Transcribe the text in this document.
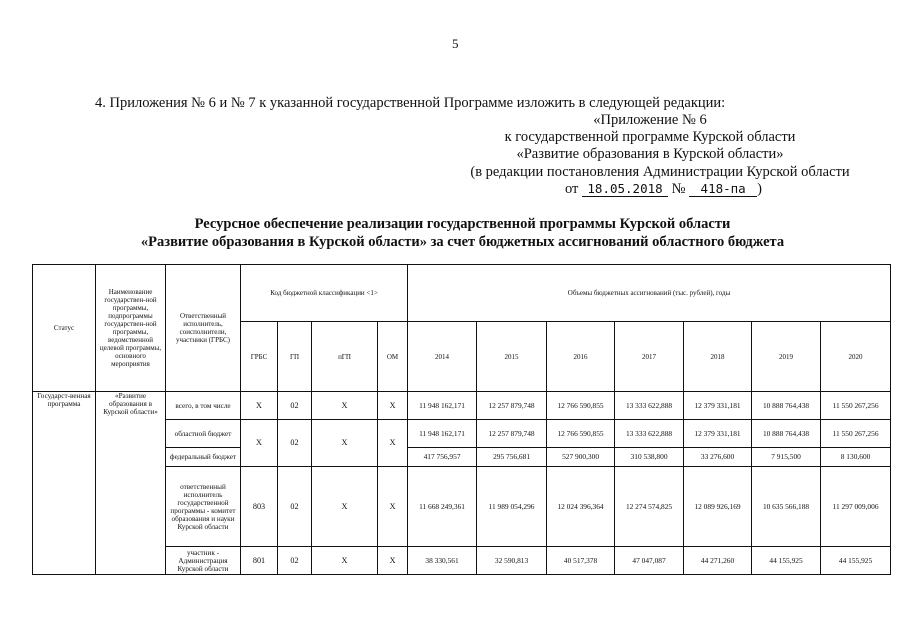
5
4. Приложения № 6 и № 7 к указанной государственной Программе изложить в следующей редакции:
«Приложение № 6
к государственной программе Курской области
«Развитие образования в Курской области»
(в редакции постановления Администрации Курской области
от 18.05.2018 № 418-па )
Ресурсное обеспечение реализации государственной программы Курской области
«Развитие образования в Курской области» за счет бюджетных ассигнований областного бюджета
Статус	Наименование государствен-ной программы, подпрограммы государствен-ной программы, ведомственной целевой программы, основного мероприятия	Ответственный исполнитель, соисполнители, участники (ГРБС)	Код бюджетной классификации <1>				Объемы бюджетных ассигнований (тыс. рублей), годы						
			ГРБС	ГП	пГП	ОМ	2014	2015	2016	2017	2018	2019	2020
Государст-венная программа	«Развитие образования в Курской области»	всего, в том числе	X	02	X	X	11 948 162,171	12 257 879,748	12 766 590,855	13 333 622,888	12 379 331,181	10 888 764,438	11 550 267,256
		областной бюджет	X	02	X	X	11 948 162,171	12 257 879,748	12 766 590,855	13 333 622,888	12 379 331,181	10 888 764,438	11 550 267,256
		федеральный бюджет					417 756,957	295 756,681	527 900,300	310 538,800	33 276,600	7 915,500	8 130,600
		ответственный исполнитель государственной программы - комитет образования и науки Курской области	803	02	X	X	11 668 249,361	11 989 054,296	12 024 396,364	12 274 574,825	12 089 926,169	10 635 566,188	11 297 009,006
		участник - Администрация Курской области	801	02	X	X	38 330,561	32 590,813	40 517,378	47 047,087	44 271,260	44 155,925	44 155,925
